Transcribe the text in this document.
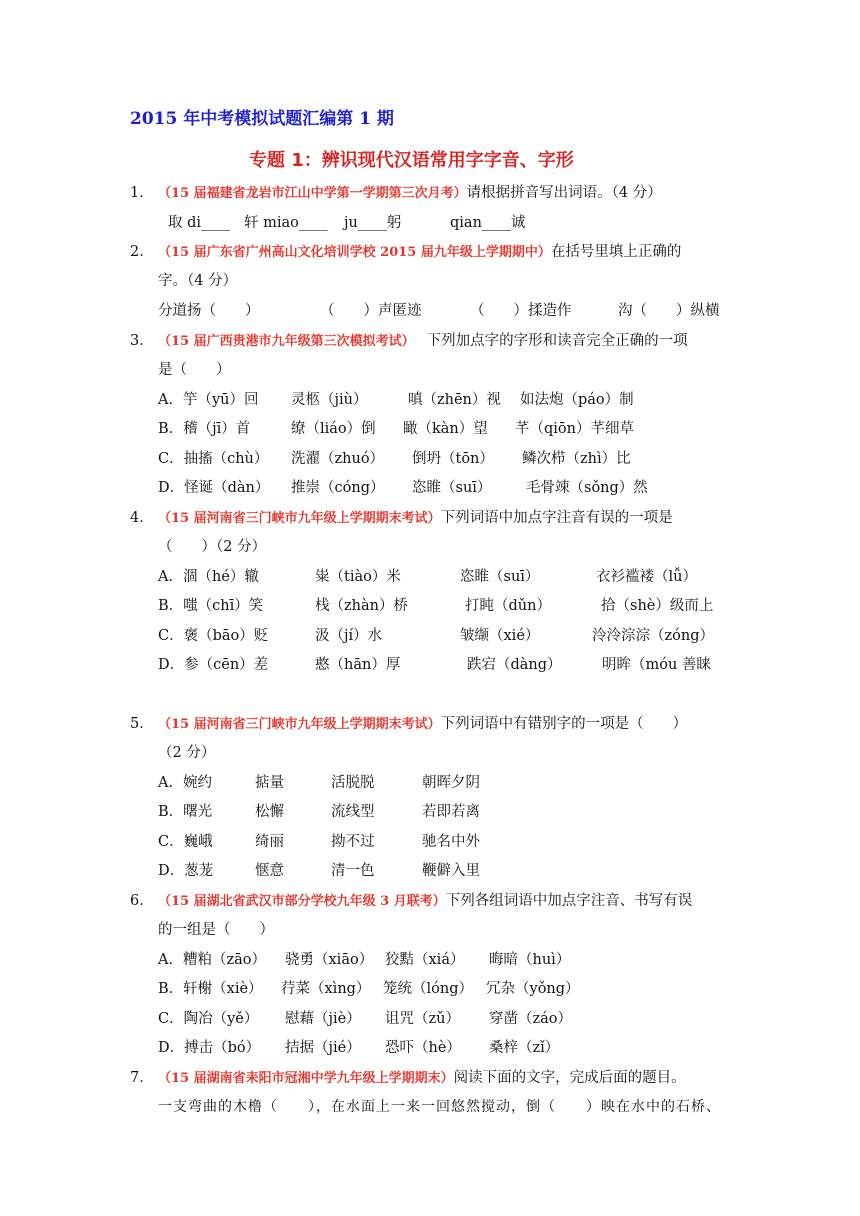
2015 年中考模拟试题汇编第 1 期
专题 1：辨识现代汉语常用字字音、字形
1． （15 届福建省龙岩市江山中学第一学期第三次月考）请根据拼音写出词语。（4 分）
取 di____ 轩 miao____ ju____躬	qian____诚
2． （15 届广东省广州高山文化培训学校 2015 届九年级上学期期中）在括号里填上正确的
字。（4 分）
分道扬（　　）	（　　）声匿迹	（　　）揉造作	沟（　　）纵横
3． （15 届广西贵港市九年级第三次模拟考试） 下列加点字的字形和读音完全正确的一项
是（　　）
A．竽（yū）回 灵柩（jiù）	嗔（zhēn）视 如法炮（páo）制
B．稽（jī）首	缭（liáo）倒 瞰（kàn）望 芊（qiōn）芊细草
C．抽搐（chù） 洗濯（zhuó） 倒坍（tōn） 鳞次栉（zhì）比
D．怪诞（dàn） 推崇（cóng） 恣睢（suī） 毛骨竦（sǒng）然
4． （15 届河南省三门峡市九年级上学期期末考试）下列词语中加点字注音有误的一项是
（　　）（2 分）
A．涸（hé）辙	粜（tiào）米	恣睢（suī）	衣衫褴褛（lǚ）
B．嗤（chī）笑	栈（zhàn）桥	打盹（dǔn）	拾（shè）级而上
C．褒（bāo）贬	汲（jí）水	皱缬（xié）	泠泠淙淙（zóng）
D．参（cēn）差	憨（hān）厚	跌宕（dàng）	明眸（móu 善睐
5． （15 届河南省三门峡市九年级上学期期末考试）下列词语中有错别字的一项是（　　）
（2 分）
A．婉约	掂量	活脱脱	朝晖夕阴
B．曙光	松懈	流线型	若即若离
C．巍峨	绮丽	拗不过	驰名中外
D．葱茏	惬意	清一色	鞭僻入里
6． （15 届湖北省武汉市部分学校九年级 3 月联考）下列各组词语中加点字注音、书写有误
的一组是（　　）
A．糟粕（zāo） 骁勇（xiāo） 狡黠（xiá） 晦暗（huì）
B．轩榭（xiè） 荇菜（xìng） 笼统（lóng） 冗杂（yǒng）
C．陶冶（yě） 慰藉（jiè） 诅咒（zǔ） 穿凿（záo）
D．搏击（bó） 拮据（jié） 恐吓（hè） 桑梓（zǐ）
7． （15 届湖南省耒阳市冠湘中学九年级上学期期末）阅读下面的文字，完成后面的题目。
一支弯曲的木橹（　　），在水面上一来一回悠然搅动，倒（　　）映在水中的石桥、
